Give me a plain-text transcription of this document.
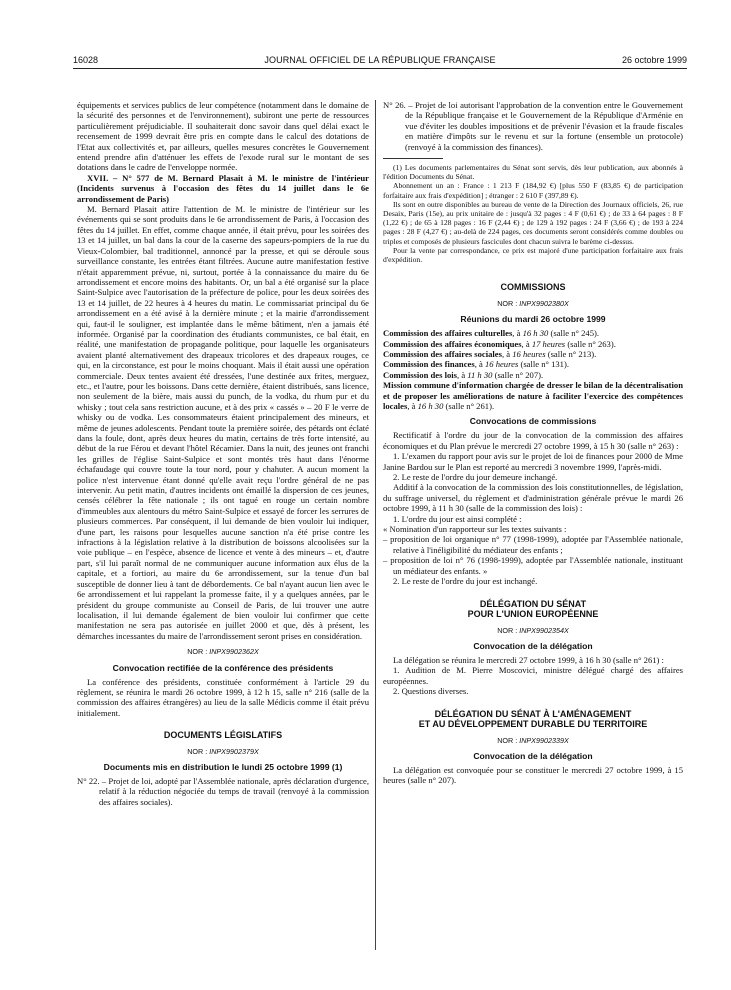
16028	JOURNAL OFFICIEL DE LA RÉPUBLIQUE FRANÇAISE	26 octobre 1999

équipements et services publics de leur compétence (notamment dans le domaine de la sécurité des personnes et de l'environnement), subiront une perte de ressources particulièrement préjudiciable. Il souhaiterait donc savoir dans quel délai exact le recensement de 1999 devrait être pris en compte dans le calcul des dotations de l'Etat aux collectivités et, par ailleurs, quelles mesures concrètes le Gouvernement entend prendre afin d'atténuer les effets de l'exode rural sur le montant de ses dotations dans le cadre de l'enveloppe normée.

XVII. – N° 577 de M. Bernard Plasait à M. le ministre de l'intérieur (Incidents survenus à l'occasion des fêtes du 14 juillet dans le 6e arrondissement de Paris)

M. Bernard Plasait attire l'attention de M. le ministre de l'intérieur sur les événements qui se sont produits dans le 6e arrondissement de Paris, à l'occasion des fêtes du 14 juillet. En effet, comme chaque année, il était prévu, pour les soirées des 13 et 14 juillet, un bal dans la cour de la caserne des sapeurs-pompiers de la rue du Vieux-Colombier, bal traditionnel, annoncé par la presse, et qui se déroule sous surveillance constante, les entrées étant filtrées. Aucune autre manifestation festive n'était apparemment prévue, ni, surtout, portée à la connaissance du maire du 6e arrondissement et encore moins des habitants. Or, un bal a été organisé sur la place Saint-Sulpice avec l'autorisation de la préfecture de police, pour les deux soirées des 13 et 14 juillet, de 22 heures à 4 heures du matin. Le commissariat principal du 6e arrondissement en a été avisé à la dernière minute ; et la mairie d'arrondissement qui, faut-il le souligner, est implantée dans le même bâtiment, n'en a jamais été informée. Organisé par la coordination des étudiants communistes, ce bal était, en réalité, une manifestation de propagande politique, pour laquelle les organisateurs avaient planté alternativement des drapeaux tricolores et des drapeaux rouges, ce qui, en la circonstance, est pour le moins choquant. Mais il était aussi une opération commerciale. Deux tentes avaient été dressées, l'une destinée aux frites, merguez, etc., et l'autre, pour les boissons. Dans cette dernière, étaient distribués, sans licence, non seulement de la bière, mais aussi du punch, de la vodka, du rhum pur et du whisky ; tout cela sans restriction aucune, et à des prix « cassés » – 20 F le verre de whisky ou de vodka. Les consommateurs étaient principalement des mineurs, et même de jeunes adolescents. Pendant toute la première soirée, des pétards ont éclaté dans la foule, dont, après deux heures du matin, certains de très forte intensité, au début de la rue Férou et devant l'hôtel Récamier. Dans la nuit, des jeunes ont franchi les grilles de l'église Saint-Sulpice et sont montés très haut dans l'énorme échafaudage qui couvre toute la tour nord, pour y chahuter. A aucun moment la police n'est intervenue étant donné qu'elle avait reçu l'ordre général de ne pas intervenir. Au petit matin, d'autres incidents ont émaillé la dispersion de ces jeunes, censés célébrer la fête nationale ; ils ont tagué en rouge un certain nombre d'immeubles aux alentours du métro Saint-Sulpice et essayé de forcer les serrures de plusieurs commerces. Par conséquent, il lui demande de bien vouloir lui indiquer, d'une part, les raisons pour lesquelles aucune sanction n'a été prise contre les infractions à la législation relative à la distribution de boissons alcoolisées sur la voie publique – en l'espèce, absence de licence et vente à des mineurs – et, d'autre part, s'il lui paraît normal de ne communiquer aucune information aux élus de la capitale, et a fortiori, au maire du 6e arrondissement, sur la tenue d'un bal susceptible de donner lieu à tant de débordements. Ce bal n'ayant aucun lien avec le 6e arrondissement et lui rappelant la promesse faite, il y a quelques années, par le président du groupe communiste au Conseil de Paris, de lui trouver une autre localisation, il lui demande également de bien vouloir lui confirmer que cette manifestation ne sera pas autorisée en juillet 2000 et que, dès à présent, les démarches incessantes du maire de l'arrondissement seront prises en considération.

NOR : INPX9902362X
Convocation rectifiée de la conférence des présidents

La conférence des présidents, constituée conformément à l'article 29 du règlement, se réunira le mardi 26 octobre 1999, à 12 h 15, salle n° 216 (salle de la commission des affaires étrangères) au lieu de la salle Médicis comme il était prévu initialement.

DOCUMENTS LÉGISLATIFS
NOR : INPX9902379X
Documents mis en distribution le lundi 25 octobre 1999 (1)

N° 22. – Projet de loi, adopté par l'Assemblée nationale, après déclaration d'urgence, relatif à la réduction négociée du temps de travail (renvoyé à la commission des affaires sociales).

N° 26. – Projet de loi autorisant l'approbation de la convention entre le Gouvernement de la République française et le Gouvernement de la République d'Arménie en vue d'éviter les doubles impositions et de prévenir l'évasion et la fraude fiscales en matière d'impôts sur le revenu et sur la fortune (ensemble un protocole) (renvoyé à la commission des finances).

(1) Les documents parlementaires du Sénat sont servis, dès leur publication, aux abonnés à l'édition Documents du Sénat.

Abonnement un an : France : 1 213 F (184,92 €) [plus 550 F (83,85 €) de participation forfaitaire aux frais d'expédition] ; étranger : 2 610 F (397,89 €).

Ils sont en outre disponibles au bureau de vente de la Direction des Journaux officiels, 26, rue Desaix, Paris (15e), au prix unitaire de : jusqu'à 32 pages : 4 F (0,61 €) ; de 33 à 64 pages : 8 F (1,22 €) ; de 65 à 128 pages : 16 F (2,44 €) ; de 129 à 192 pages : 24 F (3,66 €) ; de 193 à 224 pages : 28 F (4,27 €) ; au-delà de 224 pages, ces documents seront considérés comme doubles ou triples et composés de plusieurs fascicules dont chacun suivra le barème ci-dessus.

Pour la vente par correspondance, ce prix est majoré d'une participation forfaitaire aux frais d'expédition.

COMMISSIONS
NOR : INPX9902380X
Réunions du mardi 26 octobre 1999

Commission des affaires culturelles, à 16 h 30 (salle n° 245).

Commission des affaires économiques, à 17 heures (salle n° 263).

Commission des affaires sociales, à 16 heures (salle n° 213).

Commission des finances, à 16 heures (salle n° 131).

Commission des lois, à 11 h 30 (salle n° 207).

Mission commune d'information chargée de dresser le bilan de la décentralisation et de proposer les améliorations de nature à faciliter l'exercice des compétences locales, à 16 h 30 (salle n° 261).

Convocations de commissions

Rectificatif à l'ordre du jour de la convocation de la commission des affaires économiques et du Plan prévue le mercredi 27 octobre 1999, à 15 h 30 (salle n° 263) :

1. L'examen du rapport pour avis sur le projet de loi de finances pour 2000 de Mme Janine Bardou sur le Plan est reporté au mercredi 3 novembre 1999, l'après-midi.

2. Le reste de l'ordre du jour demeure inchangé.

Additif à la convocation de la commission des lois constitutionnelles, de législation, du suffrage universel, du règlement et d'administration générale prévue le mardi 26 octobre 1999, à 11 h 30 (salle de la commission des lois) :

1. L'ordre du jour est ainsi complété :

« Nomination d'un rapporteur sur les textes suivants :

– proposition de loi organique n° 77 (1998-1999), adoptée par l'Assemblée nationale, relative à l'inéligibilité du médiateur des enfants ;

– proposition de loi n° 76 (1998-1999), adoptée par l'Assemblée nationale, instituant un médiateur des enfants. »

2. Le reste de l'ordre du jour est inchangé.

DÉLÉGATION DU SÉNAT
POUR L'UNION EUROPÉENNE
NOR : INPX9902354X
Convocation de la délégation

La délégation se réunira le mercredi 27 octobre 1999, à 16 h 30 (salle n° 261) :

1. Audition de M. Pierre Moscovici, ministre délégué chargé des affaires européennes.

2. Questions diverses.

DÉLÉGATION DU SÉNAT À L'AMÉNAGEMENT
ET AU DÉVELOPPEMENT DURABLE DU TERRITOIRE
NOR : INPX9902339X
Convocation de la délégation

La délégation est convoquée pour se constituer le mercredi 27 octobre 1999, à 15 heures (salle n° 207).
